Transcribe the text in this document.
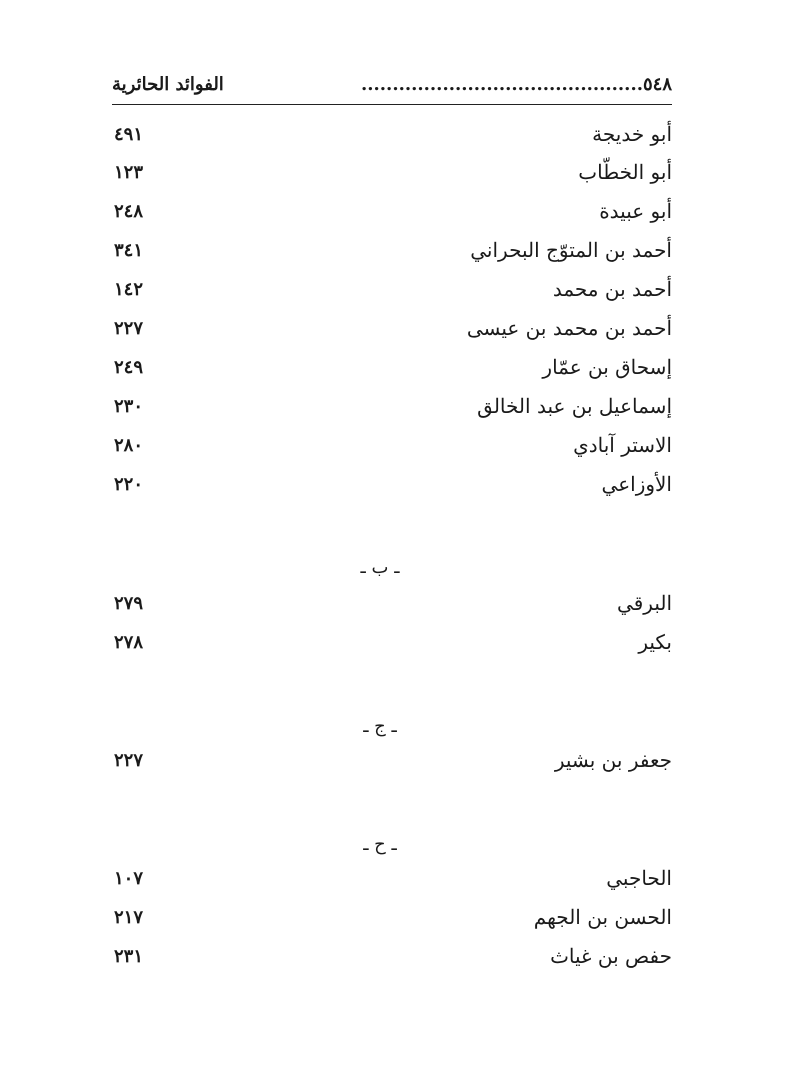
٥٤٨.............................................
الفوائد الحائرية
أبو خديجة
٤٩١
أبو الخطّاب
١٢٣
أبو عبيدة
٢٤٨
أحمد بن المتوّج البحراني
٣٤١
أحمد بن محمد
١٤٢
أحمد بن محمد بن عيسى
٢٢٧
إسحاق بن عمّار
٢٤٩
إسماعيل بن عبد الخالق
٢٣٠
الاستر آبادي
٢٨٠
الأوزاعي
٢٢٠
ـ ب ـ
البرقي
٢٧٩
بكير
٢٧٨
ـ ج ـ
جعفر بن بشير
٢٢٧
ـ ح ـ
الحاجبي
١٠٧
الحسن بن الجهم
٢١٧
حفص بن غياث
٢٣١
